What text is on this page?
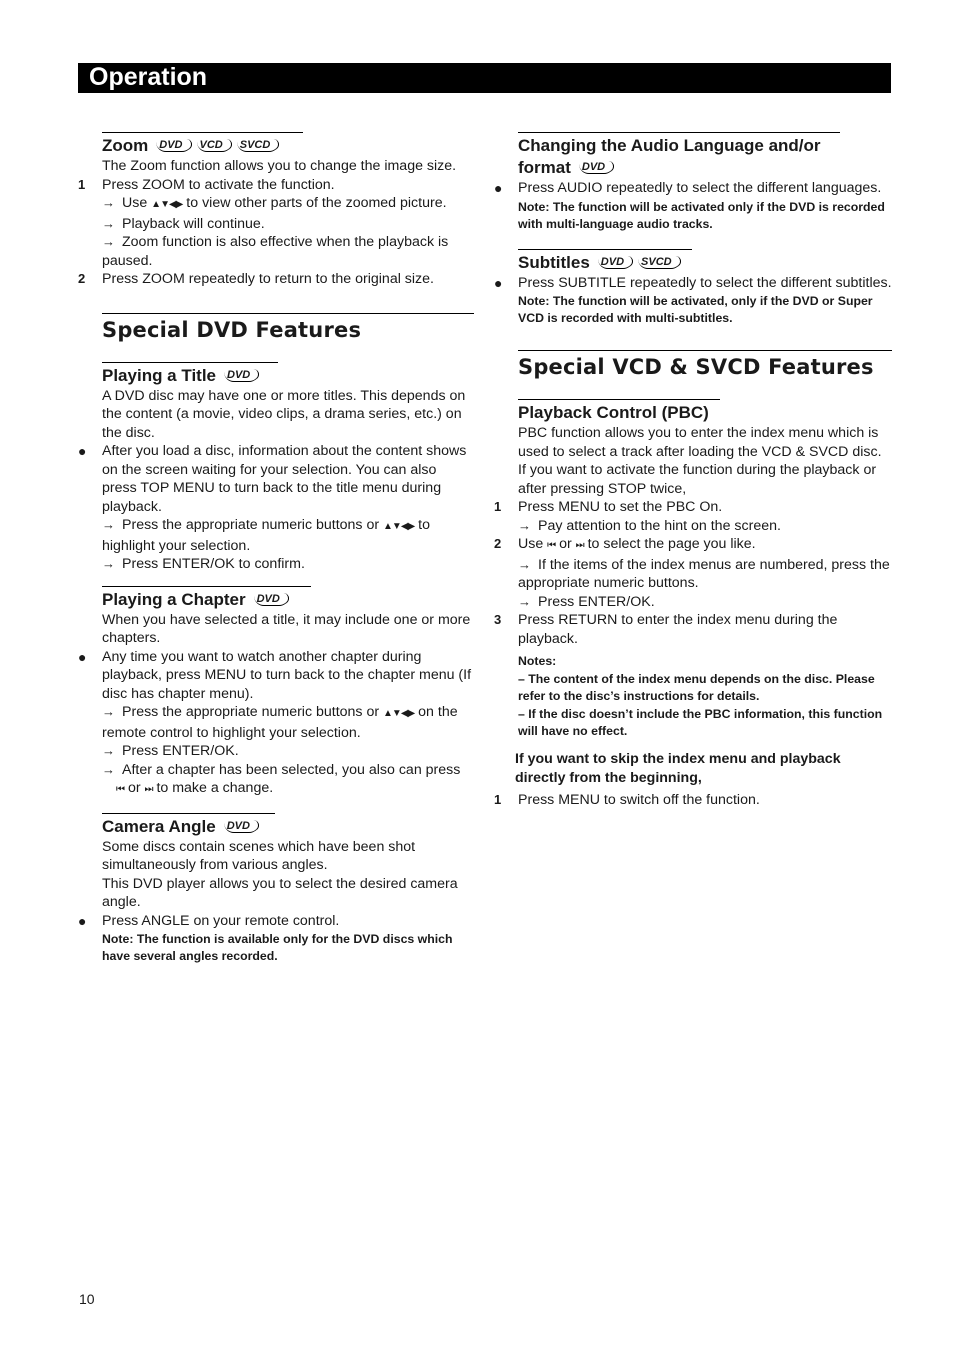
Operation
Zoom DVD VCD SVCD

The Zoom function allows you to change the image size.

1	Press ZOOM to activate the function.
→ Use ▲▼◀▶ to view other parts of the zoomed picture.
→ Playback will continue.
→ Zoom function is also effective when the playback is paused.
2	Press ZOOM repeatedly to return to the original size.
Special DVD Features
Playing a Title DVD

A DVD disc may have one or more titles. This depends on the content (a movie, video clips, a drama series, etc.) on the disc.

●	After you load a disc, information about the content shows on the screen waiting for your selection. You can also press TOP MENU to turn back to the title menu during playback.
→ Press the appropriate numeric buttons or ▲▼◀▶ to highlight your selection.
→ Press ENTER/OK to confirm.
Playing a Chapter DVD

When you have selected a title, it may include one or more chapters.

●	Any time you want to watch another chapter during playback, press MENU to turn back to the chapter menu (If disc has chapter menu).
→ Press the appropriate numeric buttons or ▲▼◀▶ on the remote control to highlight your selection.
→ Press ENTER/OK.
→ After a chapter has been selected, you also can press
⏮ or ⏭ to make a change.
Camera Angle DVD

Some discs contain scenes which have been shot simultaneously from various angles.

This DVD player allows you to select the desired camera angle.

●	Press ANGLE on your remote control.

Note: The function is available only for the DVD discs which have several angles recorded.

Changing the Audio Language and/or
format DVD
●	Press AUDIO repeatedly to select the different languages.

Note: The function will be activated only if the DVD is recorded with multi-language audio tracks.

Subtitles DVD SVCD
●	Press SUBTITLE repeatedly to select the different subtitles.

Note: The function will be activated, only if the DVD or Super VCD is recorded with multi-subtitles.

Special VCD & SVCD Features
Playback Control (PBC)

PBC function allows you to enter the index menu which is used to select a track after loading the VCD & SVCD disc. If you want to activate the function during the playback or after pressing STOP twice,

1	Press MENU to set the PBC On.
→ Pay attention to the hint on the screen.
2	Use ⏮ or ⏭ to select the page you like.
→ If the items of the index menus are numbered, press the appropriate numeric buttons.
→ Press ENTER/OK.
3	Press RETURN to enter the index menu during the playback.

Notes:

– The content of the index menu depends on the disc. Please refer to the disc’s instructions for details.

– If the disc doesn’t include the PBC information, this function will have no effect.

If you want to skip the index menu and playback directly from the beginning,

1	Press MENU to switch off the function.
10
